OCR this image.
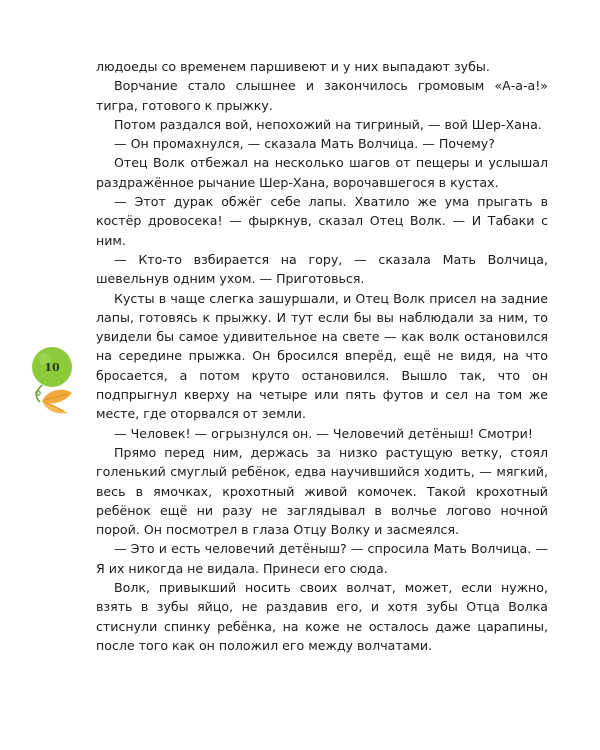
людоеды со временем паршивеют и у них выпадают зубы.

Ворчание стало слышнее и закончилось громовым «А-а-а!» тигра, готового к прыжку.

Потом раздался вой, непохожий на тигриный, — вой Шер-Хана.

— Он промахнулся, — сказала Мать Волчица. — Почему?

Отец Волк отбежал на несколько шагов от пещеры и услышал раздражённое рычание Шер-Хана, ворочавшегося в кустах.

— Этот дурак обжёг себе лапы. Хватило же ума прыгать в костёр дровосека! — фыркнув, сказал Отец Волк. — И Табаки с ним.

— Кто-то взбирается на гору, — сказала Мать Волчица, шевельнув одним ухом. — Приготовься.

Кусты в чаще слегка зашуршали, и Отец Волк присел на задние лапы, готовясь к прыжку. И тут если бы вы наблюдали за ним, то увидели бы самое удивительное на свете — как волк остановился на середине прыжка. Он бросился вперёд, ещё не видя, на что бросается, а потом круто остановился. Вышло так, что он подпрыгнул кверху на четыре или пять футов и сел на том же месте, где оторвался от земли.

— Человек! — огрызнулся он. — Человечий детёныш! Смотри!

Прямо перед ним, держась за низко растущую ветку, стоял голенький смуглый ребёнок, едва научившийся ходить, — мягкий, весь в ямочках, крохотный живой комочек. Такой крохотный ребёнок ещё ни разу не заглядывал в волчье логово ночной порой. Он посмотрел в глаза Отцу Волку и засмеялся.

— Это и есть человечий детёныш? — спросила Мать Волчица. — Я их никогда не видала. Принеси его сюда.

Волк, привыкший носить своих волчат, может, если нужно, взять в зубы яйцо, не раздавив его, и хотя зубы Отца Волка стиснули спинку ребёнка, на коже не осталось даже царапины, после того как он положил его между волчатами.

10
